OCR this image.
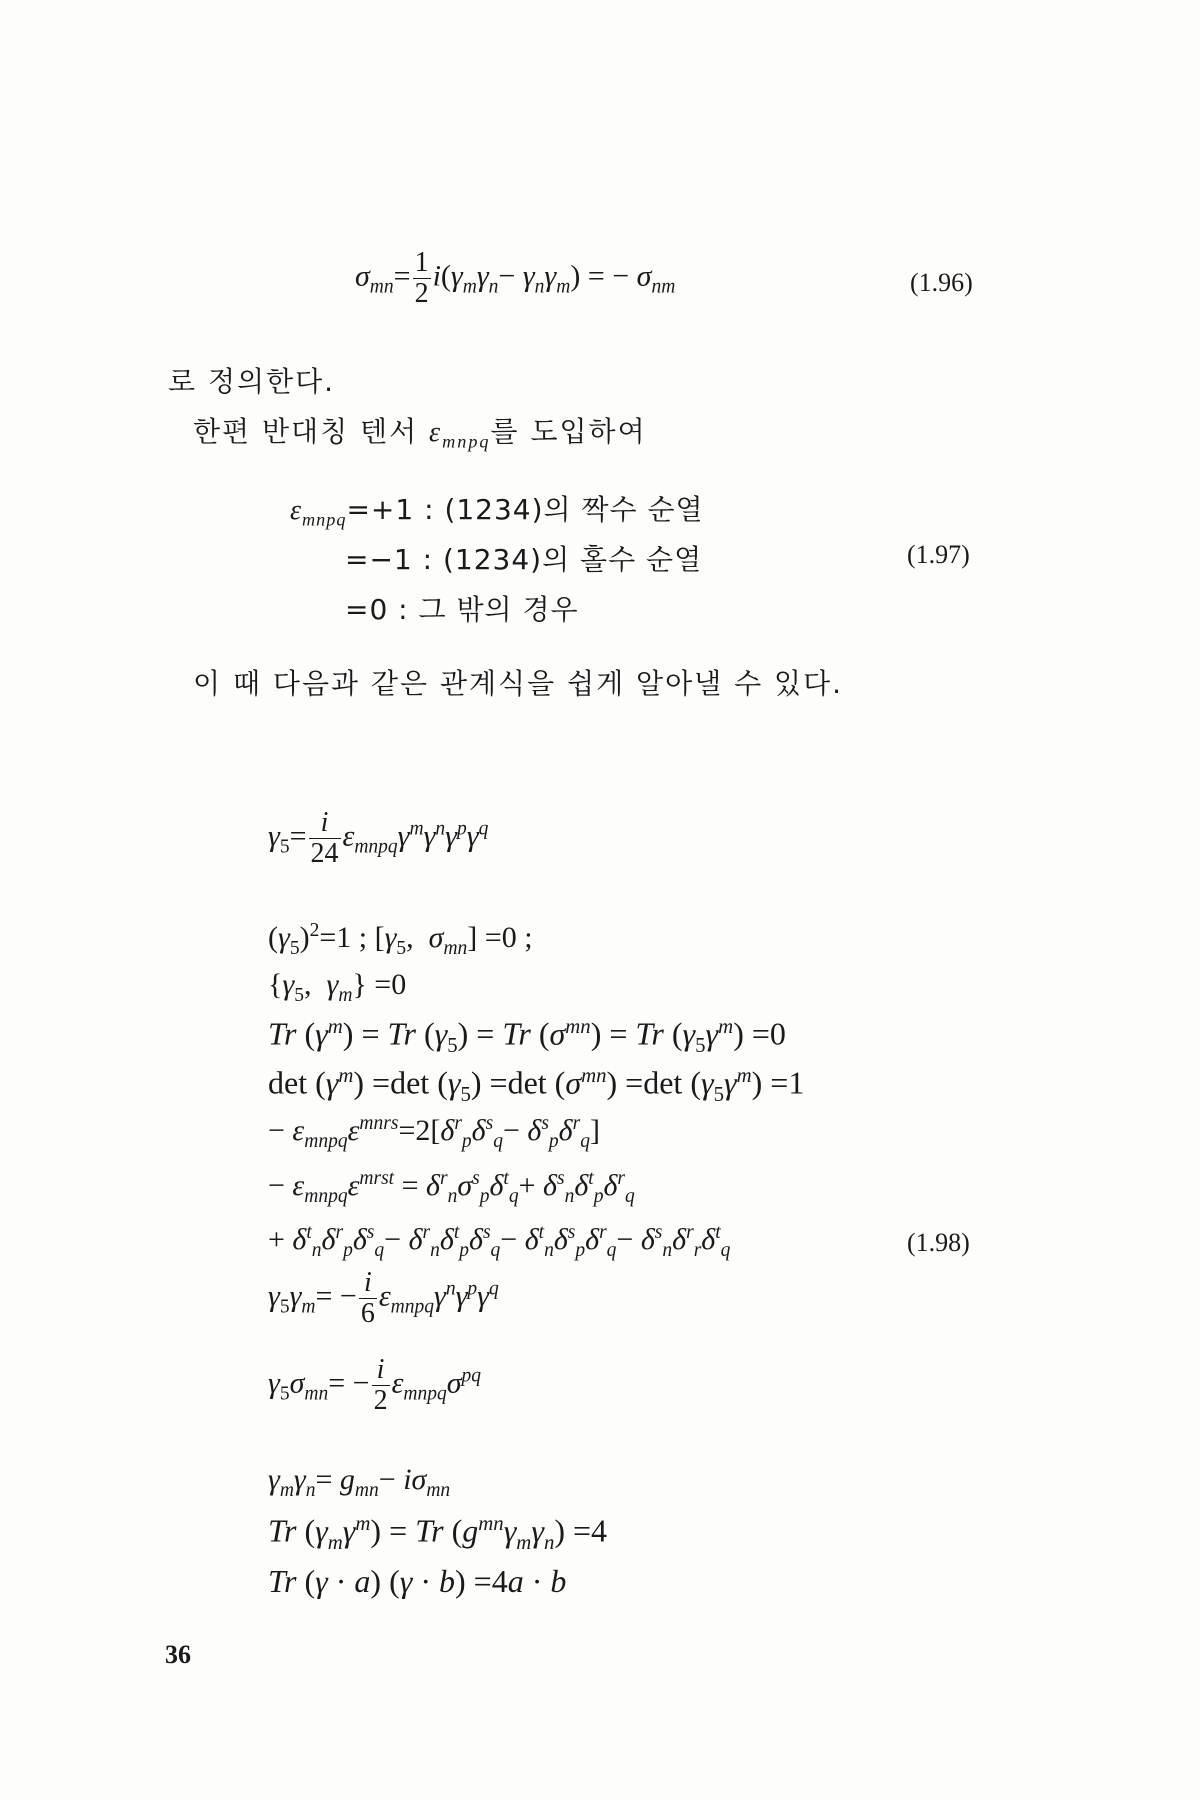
$\sigma_{mn}= \frac{1}{2} i(\gamma_m\gamma_n- \gamma_n\gamma_m)$ = − $\sigma_{nm}$	(1.96)
로 정의한다.
한편 반대칭 텐서 $\varepsilon_{mnpq}$를 도입하여
$\varepsilon_{mnpq}=+1$ : (1234)의 짝수 순열
=−1 : (1234)의 홀수 순열
=0 : 그 밖의 경우
(1.97)
이 때 다음과 같은 관계식을 쉽게 알아낼 수 있다.
$\gamma_5= \frac{i}{24} \varepsilon_{mnpq}\gamma^m\gamma^n\gamma^p\gamma^q$
$(\gamma_5)^2=1$ ; [$\gamma_5$,  $\sigma_{mn}] =0$ ;
{$\gamma_5$,  $\gamma_m\} =0$
Tr $(\gamma^m) = Tr$ $(\gamma_5) = Tr$ $(\sigma^{mn}) = Tr$ $(\gamma_5\gamma^m) =0$
$\det (\gamma^m) =\det$ $(\gamma_5) =\det$ $(\sigma^{mn}) =\det$ $(\gamma_5\gamma^m) =1$
− $\varepsilon_{mnpq}\varepsilon^{mnrs}=2[\delta^r_p\delta^s_q- \delta^s_p\delta^r_q]$
− $\varepsilon_{mnpq}\varepsilon^{mrst} = \delta^r_n\sigma^s_p\delta^t_q+ \delta^s_n\delta^t_p\delta^r_q$
+ $\delta^t_n\delta^r_p\delta^s_q- \delta^r_n\delta^t_p\delta^s_q- \delta^t_n\delta^s_p\delta^r_q- \delta^s_n\delta^r_r\delta^t_q$	(1.98)
$\gamma_5\gamma_m= - \frac{i}{6} \varepsilon_{mnpq}\gamma^n\gamma^p\gamma^q$
$\gamma_5\sigma_{mn}= - \frac{i}{2} \varepsilon_{mnpq}\sigma^{pq}$
$\gamma_m\gamma_n= g_{mn}- i\sigma_{mn}$
Tr $(\gamma_m\gamma^m) = Tr$ $(g^{mn}\gamma_m\gamma_n) =4$
Tr (γ · a) (γ · b) =4a · b
36
